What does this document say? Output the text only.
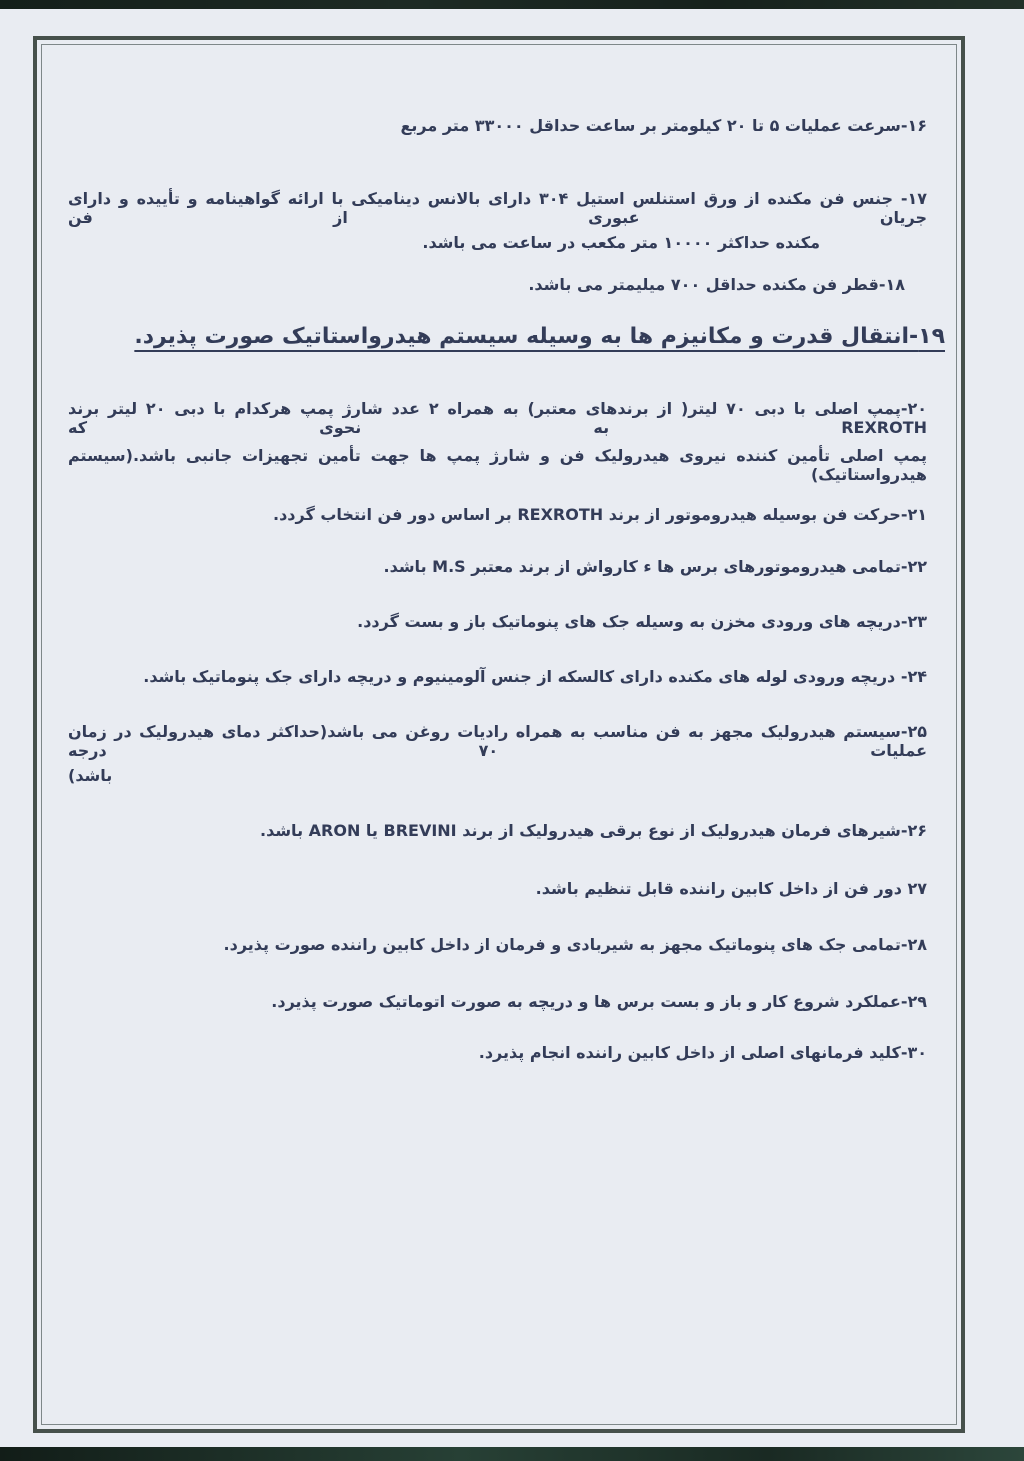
۱۶-سرعت عملیات ۵ تا ۲۰ کیلومتر بر ساعت حداقل ۳۳۰۰۰ متر مربع
۱۷- جنس فن مکنده از ورق استنلس استیل ۳۰۴ دارای بالانس دینامیکی با ارائه گواهینامه و تأییده و دارای جریان عبوری از فن
مکنده حداکثر ۱۰۰۰۰ متر مکعب در ساعت می باشد.
۱۸-قطر فن مکنده حداقل ۷۰۰ میلیمتر می باشد.
۱۹-انتقال قدرت و مکانیزم ها به وسیله سیستم هیدرواستاتیک صورت پذیرد.
۲۰-پمپ اصلی با دبی ۷۰ لیتر( از برندهای معتبر) به همراه ۲ عدد شارژ پمپ هرکدام با دبی ۲۰ لیتر برند REXROTH به نحوی که
پمپ اصلی تأمین کننده نیروی هیدرولیک فن و شارژ پمپ ها جهت تأمین تجهیزات جانبی باشد.(سیستم هیدرواستاتیک)
۲۱-حرکت فن بوسیله هیدروموتور از برند REXROTH بر اساس دور فن انتخاب گردد.
۲۲-تمامی هیدروموتورهای برس ها ء کارواش از برند معتبر M.S باشد.
۲۳-دریچه های ورودی مخزن به وسیله جک های پنوماتیک باز و بست گردد.
۲۴- دریچه ورودی لوله های مکنده دارای کالسکه از جنس آلومینیوم و دریچه دارای جک پنوماتیک باشد.
۲۵-سیستم هیدرولیک مجهز به فن مناسب به همراه رادیات روغن می باشد(حداکثر دمای هیدرولیک در زمان عملیات ۷۰ درجه
باشد)
۲۶-شیرهای فرمان هیدرولیک از نوع برقی هیدرولیک از برند BREVINI یا ARON باشد.
۲۷ دور فن از داخل کابین راننده قابل تنظیم باشد.
۲۸-تمامی جک های پنوماتیک مجهز به شیربادی و فرمان از داخل کابین راننده صورت پذیرد.
۲۹-عملکرد شروع کار و باز و بست برس ها و دریچه به صورت اتوماتیک صورت پذیرد.
۳۰-کلید فرمانهای اصلی از داخل کابین راننده انجام پذیرد.
